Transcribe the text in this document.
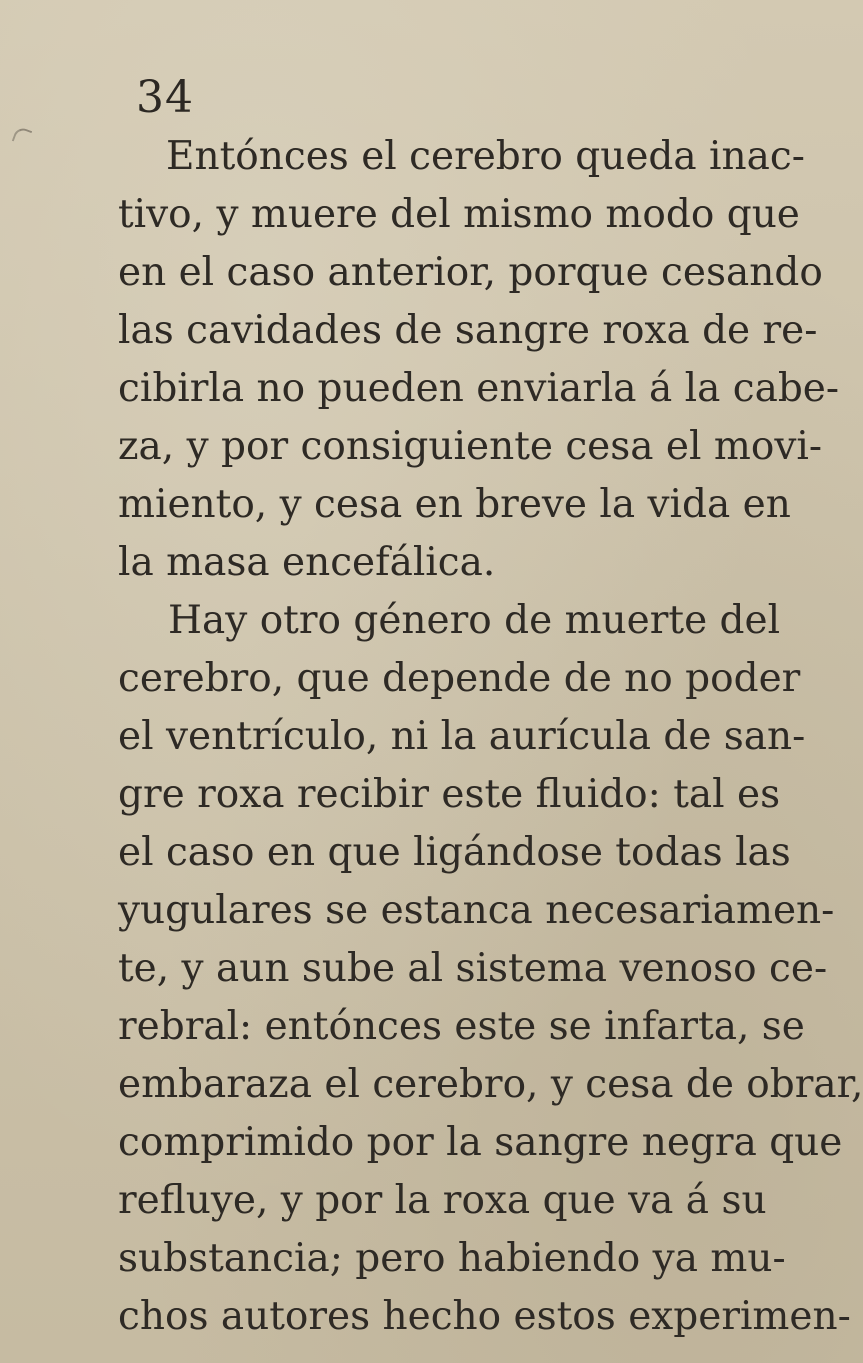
34
Entónces el cerebro queda inac-
tivo, y muere del mismo modo que
en el caso anterior, porque cesando
las cavidades de sangre roxa de re-
cibirla no pueden enviarla á la cabe-
za, y por consiguiente cesa el movi-
miento, y cesa en breve la vida en
la masa encefálica.
Hay otro género de muerte del
cerebro, que depende de no poder
el ventrículo, ni la aurícula de san-
gre roxa recibir este fluido: tal es
el caso en que ligándose todas las
yugulares se estanca necesariamen-
te, y aun sube al sistema venoso ce-
rebral: entónces este se infarta, se
embaraza el cerebro, y cesa de obrar,
comprimido por la sangre negra que
refluye, y por la roxa que va á su
substancia; pero habiendo ya mu-
chos autores hecho estos experimen-
